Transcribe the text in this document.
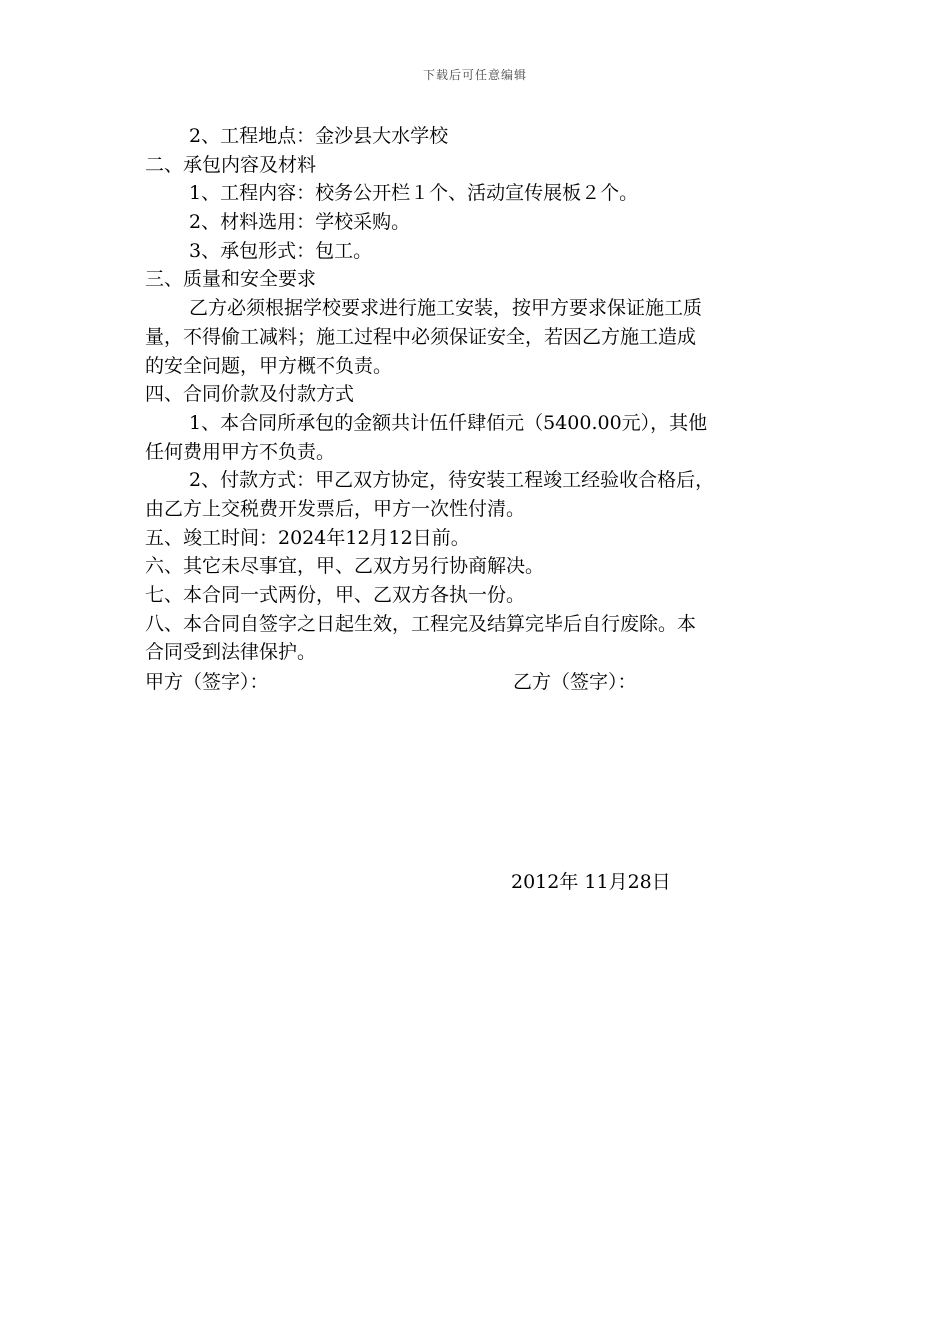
下载后可任意编辑
2、工程地点：金沙县大水学校
二、承包内容及材料
1、工程内容：校务公开栏１个、活动宣传展板２个。
2、材料选用：学校采购。
3、承包形式：包工。
三、质量和安全要求
乙方必须根据学校要求进行施工安装，按甲方要求保证施工质
量，不得偷工减料；施工过程中必须保证安全，若因乙方施工造成
的安全问题，甲方概不负责。
四、合同价款及付款方式
1、本合同所承包的金额共计伍仟肆佰元（5400.00元），其他
任何费用甲方不负责。
2、付款方式：甲乙双方协定，待安装工程竣工经验收合格后，
由乙方上交税费开发票后，甲方一次性付清。
五、竣工时间：2024年12月12日前。
六、其它未尽事宜，甲、乙双方另行协商解决。
七、本合同一式两份，甲、乙双方各执一份。
八、本合同自签字之日起生效，工程完及结算完毕后自行废除。本
合同受到法律保护。
甲方（签字）：	乙方（签字）：
2012年 11月28日
